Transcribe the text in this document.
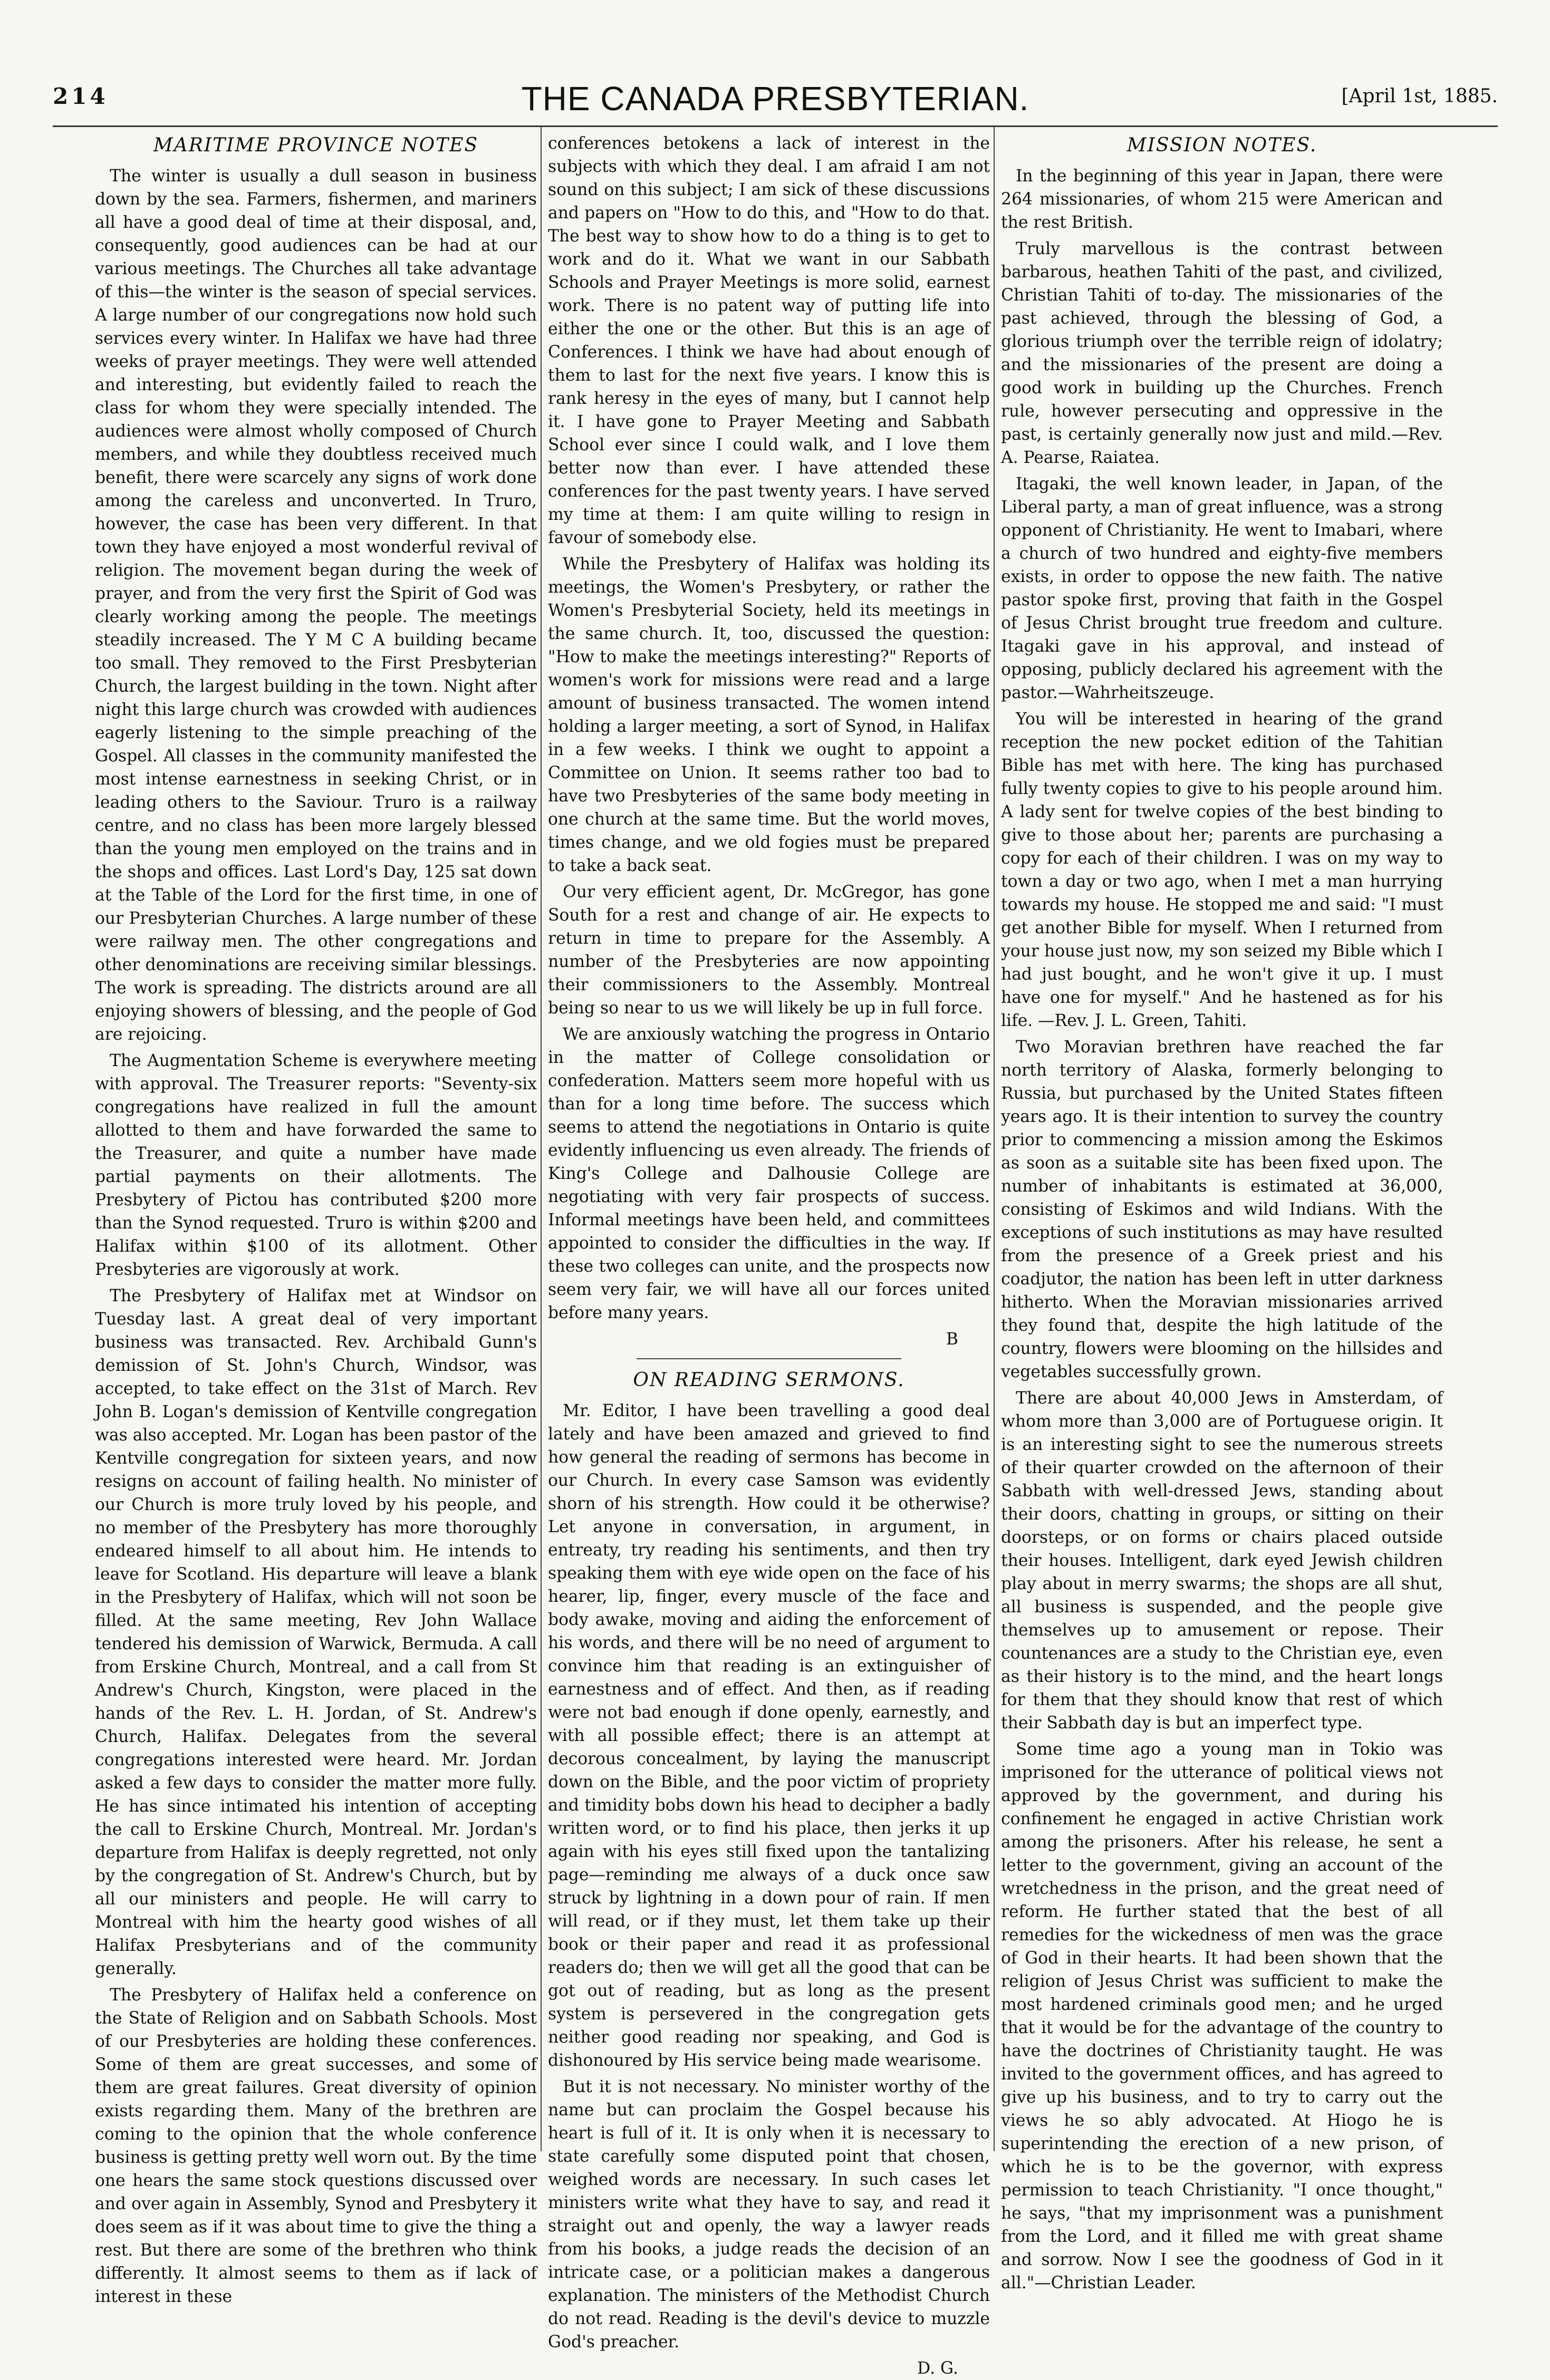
214	THE CANADA PRESBYTERIAN.	[April 1st, 1885.
MARITIME PROVINCE NOTES

The winter is usually a dull season in business down by the sea. Farmers, fishermen, and mariners all have a good deal of time at their disposal, and, consequently, good audiences can be had at our various meetings. The Churches all take advantage of this—the winter is the season of special services. A large number of our congregations now hold such services every winter. In Halifax we have had three weeks of prayer meetings. They were well attended and interesting, but evidently failed to reach the class for whom they were specially intended. The audiences were almost wholly composed of Church members, and while they doubtless received much benefit, there were scarcely any signs of work done among the careless and unconverted. In Truro, however, the case has been very different. In that town they have enjoyed a most wonderful revival of religion. The movement began during the week of prayer, and from the very first the Spirit of God was clearly working among the people. The meetings steadily increased. The Y M C A building became too small. They removed to the First Presbyterian Church, the largest building in the town. Night after night this large church was crowded with audiences eagerly listening to the simple preaching of the Gospel. All classes in the community manifested the most intense earnestness in seeking Christ, or in leading others to the Saviour. Truro is a railway centre, and no class has been more largely blessed than the young men employed on the trains and in the shops and offices. Last Lord's Day, 125 sat down at the Table of the Lord for the first time, in one of our Presbyterian Churches. A large number of these were railway men. The other congregations and other denominations are receiving similar blessings. The work is spreading. The districts around are all enjoying showers of blessing, and the people of God are rejoicing.

The Augmentation Scheme is everywhere meeting with approval. The Treasurer reports: "Seventy-six congregations have realized in full the amount allotted to them and have forwarded the same to the Treasurer, and quite a number have made partial payments on their allotments. The Presbytery of Pictou has contributed $200 more than the Synod requested. Truro is within $200 and Halifax within $100 of its allotment. Other Presbyteries are vigorously at work.

The Presbytery of Halifax met at Windsor on Tuesday last. A great deal of very important business was transacted. Rev. Archibald Gunn's demission of St. John's Church, Windsor, was accepted, to take effect on the 31st of March. Rev John B. Logan's demission of Kentville congregation was also accepted. Mr. Logan has been pastor of the Kentville congregation for sixteen years, and now resigns on account of failing health. No minister of our Church is more truly loved by his people, and no member of the Presbytery has more thoroughly endeared himself to all about him. He intends to leave for Scotland. His departure will leave a blank in the Presbytery of Halifax, which will not soon be filled. At the same meeting, Rev John Wallace tendered his demission of Warwick, Bermuda. A call from Erskine Church, Montreal, and a call from St Andrew's Church, Kingston, were placed in the hands of the Rev. L. H. Jordan, of St. Andrew's Church, Halifax. Delegates from the several congregations interested were heard. Mr. Jordan asked a few days to consider the matter more fully. He has since intimated his intention of accepting the call to Erskine Church, Montreal. Mr. Jordan's departure from Halifax is deeply regretted, not only by the congregation of St. Andrew's Church, but by all our ministers and people. He will carry to Montreal with him the hearty good wishes of all Halifax Presbyterians and of the community generally.

The Presbytery of Halifax held a conference on the State of Religion and on Sabbath Schools. Most of our Presbyteries are holding these conferences. Some of them are great successes, and some of them are great failures. Great diversity of opinion exists regarding them. Many of the brethren are coming to the opinion that the whole conference business is getting pretty well worn out. By the time one hears the same stock questions discussed over and over again in Assembly, Synod and Presbytery it does seem as if it was about time to give the thing a rest. But there are some of the brethren who think differently. It almost seems to them as if lack of interest in these

conferences betokens a lack of interest in the subjects with which they deal. I am afraid I am not sound on this subject; I am sick of these discussions and papers on "How to do this, and "How to do that. The best way to show how to do a thing is to get to work and do it. What we want in our Sabbath Schools and Prayer Meetings is more solid, earnest work. There is no patent way of putting life into either the one or the other. But this is an age of Conferences. I think we have had about enough of them to last for the next five years. I know this is rank heresy in the eyes of many, but I cannot help it. I have gone to Prayer Meeting and Sabbath School ever since I could walk, and I love them better now than ever. I have attended these conferences for the past twenty years. I have served my time at them: I am quite willing to resign in favour of somebody else.

While the Presbytery of Halifax was holding its meetings, the Women's Presbytery, or rather the Women's Presbyterial Society, held its meetings in the same church. It, too, discussed the question: "How to make the meetings interesting?" Reports of women's work for missions were read and a large amount of business transacted. The women intend holding a larger meeting, a sort of Synod, in Halifax in a few weeks. I think we ought to appoint a Committee on Union. It seems rather too bad to have two Presbyteries of the same body meeting in one church at the same time. But the world moves, times change, and we old fogies must be prepared to take a back seat.

Our very efficient agent, Dr. McGregor, has gone South for a rest and change of air. He expects to return in time to prepare for the Assembly. A number of the Presbyteries are now appointing their commissioners to the Assembly. Montreal being so near to us we will likely be up in full force.

We are anxiously watching the progress in Ontario in the matter of College consolidation or confederation. Matters seem more hopeful with us than for a long time before. The success which seems to attend the negotiations in Ontario is quite evidently influencing us even already. The friends of King's College and Dalhousie College are negotiating with very fair prospects of success. Informal meetings have been held, and committees appointed to consider the difficulties in the way. If these two colleges can unite, and the prospects now seem very fair, we will have all our forces united before many years.

B

ON READING SERMONS.

Mr. Editor, I have been travelling a good deal lately and have been amazed and grieved to find how general the reading of sermons has become in our Church. In every case Samson was evidently shorn of his strength. How could it be otherwise? Let anyone in conversation, in argument, in entreaty, try reading his sentiments, and then try speaking them with eye wide open on the face of his hearer, lip, finger, every muscle of the face and body awake, moving and aiding the enforcement of his words, and there will be no need of argument to convince him that reading is an extinguisher of earnestness and of effect. And then, as if reading were not bad enough if done openly, earnestly, and with all possible effect; there is an attempt at decorous concealment, by laying the manuscript down on the Bible, and the poor victim of propriety and timidity bobs down his head to decipher a badly written word, or to find his place, then jerks it up again with his eyes still fixed upon the tantalizing page—reminding me always of a duck once saw struck by lightning in a down pour of rain. If men will read, or if they must, let them take up their book or their paper and read it as professional readers do; then we will get all the good that can be got out of reading, but as long as the present system is persevered in the congregation gets neither good reading nor speaking, and God is dishonoured by His service being made wearisome.

But it is not necessary. No minister worthy of the name but can proclaim the Gospel because his heart is full of it. It is only when it is necessary to state carefully some disputed point that chosen, weighed words are necessary. In such cases let ministers write what they have to say, and read it straight out and openly, the way a lawyer reads from his books, a judge reads the decision of an intricate case, or a politician makes a dangerous explanation. The ministers of the Methodist Church do not read. Reading is the devil's device to muzzle God's preacher.

D. G.

MISSION NOTES.

In the beginning of this year in Japan, there were 264 missionaries, of whom 215 were American and the rest British.

Truly marvellous is the contrast between barbarous, heathen Tahiti of the past, and civilized, Christian Tahiti of to-day. The missionaries of the past achieved, through the blessing of God, a glorious triumph over the terrible reign of idolatry; and the missionaries of the present are doing a good work in building up the Churches. French rule, however persecuting and oppressive in the past, is certainly generally now just and mild.—Rev. A. Pearse, Raiatea.

Itagaki, the well known leader, in Japan, of the Liberal party, a man of great influence, was a strong opponent of Christianity. He went to Imabari, where a church of two hundred and eighty-five members exists, in order to oppose the new faith. The native pastor spoke first, proving that faith in the Gospel of Jesus Christ brought true freedom and culture. Itagaki gave in his approval, and instead of opposing, publicly declared his agreement with the pastor.—Wahrheitszeuge.

You will be interested in hearing of the grand reception the new pocket edition of the Tahitian Bible has met with here. The king has purchased fully twenty copies to give to his people around him. A lady sent for twelve copies of the best binding to give to those about her; parents are purchasing a copy for each of their children. I was on my way to town a day or two ago, when I met a man hurrying towards my house. He stopped me and said: "I must get another Bible for myself. When I returned from your house just now, my son seized my Bible which I had just bought, and he won't give it up. I must have one for myself." And he hastened as for his life. —Rev. J. L. Green, Tahiti.

Two Moravian brethren have reached the far north territory of Alaska, formerly belonging to Russia, but purchased by the United States fifteen years ago. It is their intention to survey the country prior to commencing a mission among the Eskimos as soon as a suitable site has been fixed upon. The number of inhabitants is estimated at 36,000, consisting of Eskimos and wild Indians. With the exceptions of such institutions as may have resulted from the presence of a Greek priest and his coadjutor, the nation has been left in utter darkness hitherto. When the Moravian missionaries arrived they found that, despite the high latitude of the country, flowers were blooming on the hillsides and vegetables successfully grown.

There are about 40,000 Jews in Amsterdam, of whom more than 3,000 are of Portuguese origin. It is an interesting sight to see the numerous streets of their quarter crowded on the afternoon of their Sabbath with well-dressed Jews, standing about their doors, chatting in groups, or sitting on their doorsteps, or on forms or chairs placed outside their houses. Intelligent, dark eyed Jewish children play about in merry swarms; the shops are all shut, all business is suspended, and the people give themselves up to amusement or repose. Their countenances are a study to the Christian eye, even as their history is to the mind, and the heart longs for them that they should know that rest of which their Sabbath day is but an imperfect type.

Some time ago a young man in Tokio was imprisoned for the utterance of political views not approved by the government, and during his confinement he engaged in active Christian work among the prisoners. After his release, he sent a letter to the government, giving an account of the wretchedness in the prison, and the great need of reform. He further stated that the best of all remedies for the wickedness of men was the grace of God in their hearts. It had been shown that the religion of Jesus Christ was sufficient to make the most hardened criminals good men; and he urged that it would be for the advantage of the country to have the doctrines of Christianity taught. He was invited to the government offices, and has agreed to give up his business, and to try to carry out the views he so ably advocated. At Hiogo he is superintending the erection of a new prison, of which he is to be the governor, with express permission to teach Christianity. "I once thought," he says, "that my imprisonment was a punishment from the Lord, and it filled me with great shame and sorrow. Now I see the goodness of God in it all."—Christian Leader.
